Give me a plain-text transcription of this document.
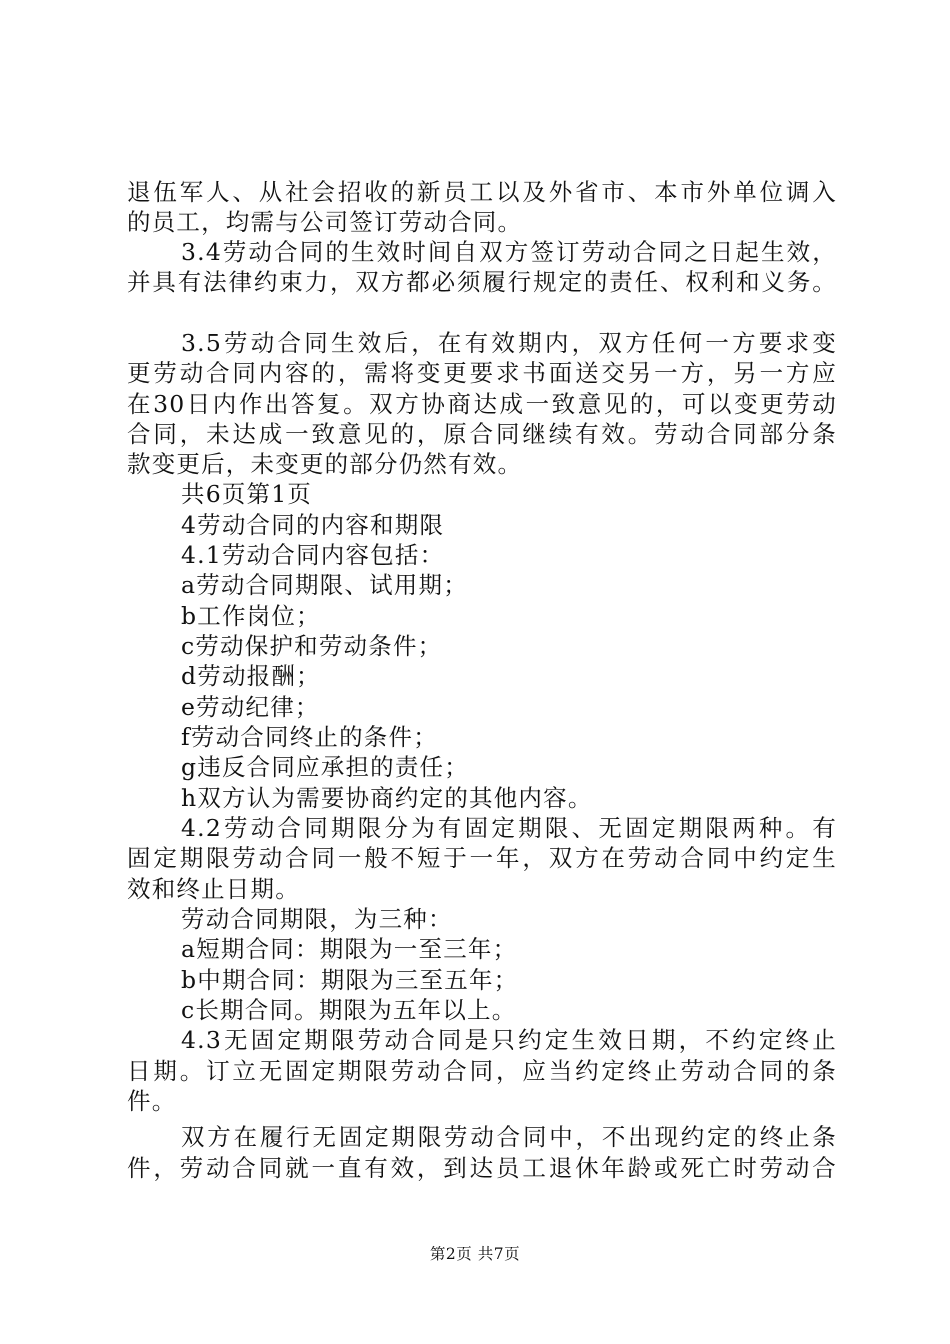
退伍军人、从社会招收的新员工以及外省市、本市外单位调入
的员工，均需与公司签订劳动合同。
3.4劳动合同的生效时间自双方签订劳动合同之日起生效，
并具有法律约束力，双方都必须履行规定的责任、权利和义务。
3.5劳动合同生效后，在有效期内，双方任何一方要求变
更劳动合同内容的，需将变更要求书面送交另一方，另一方应
在30日内作出答复。双方协商达成一致意见的，可以变更劳动
合同，未达成一致意见的，原合同继续有效。劳动合同部分条
款变更后，未变更的部分仍然有效。
共6页第1页
4劳动合同的内容和期限
4.1劳动合同内容包括：
a劳动合同期限、试用期；
b工作岗位；
c劳动保护和劳动条件；
d劳动报酬；
e劳动纪律；
f劳动合同终止的条件；
g违反合同应承担的责任；
h双方认为需要协商约定的其他内容。
4.2劳动合同期限分为有固定期限、无固定期限两种。有
固定期限劳动合同一般不短于一年，双方在劳动合同中约定生
效和终止日期。
劳动合同期限，为三种：
a短期合同：期限为一至三年；
b中期合同：期限为三至五年；
c长期合同。期限为五年以上。
4.3无固定期限劳动合同是只约定生效日期，不约定终止
日期。订立无固定期限劳动合同，应当约定终止劳动合同的条
件。
双方在履行无固定期限劳动合同中，不出现约定的终止条
件，劳动合同就一直有效，到达员工退休年龄或死亡时劳动合
第2页 共7页
